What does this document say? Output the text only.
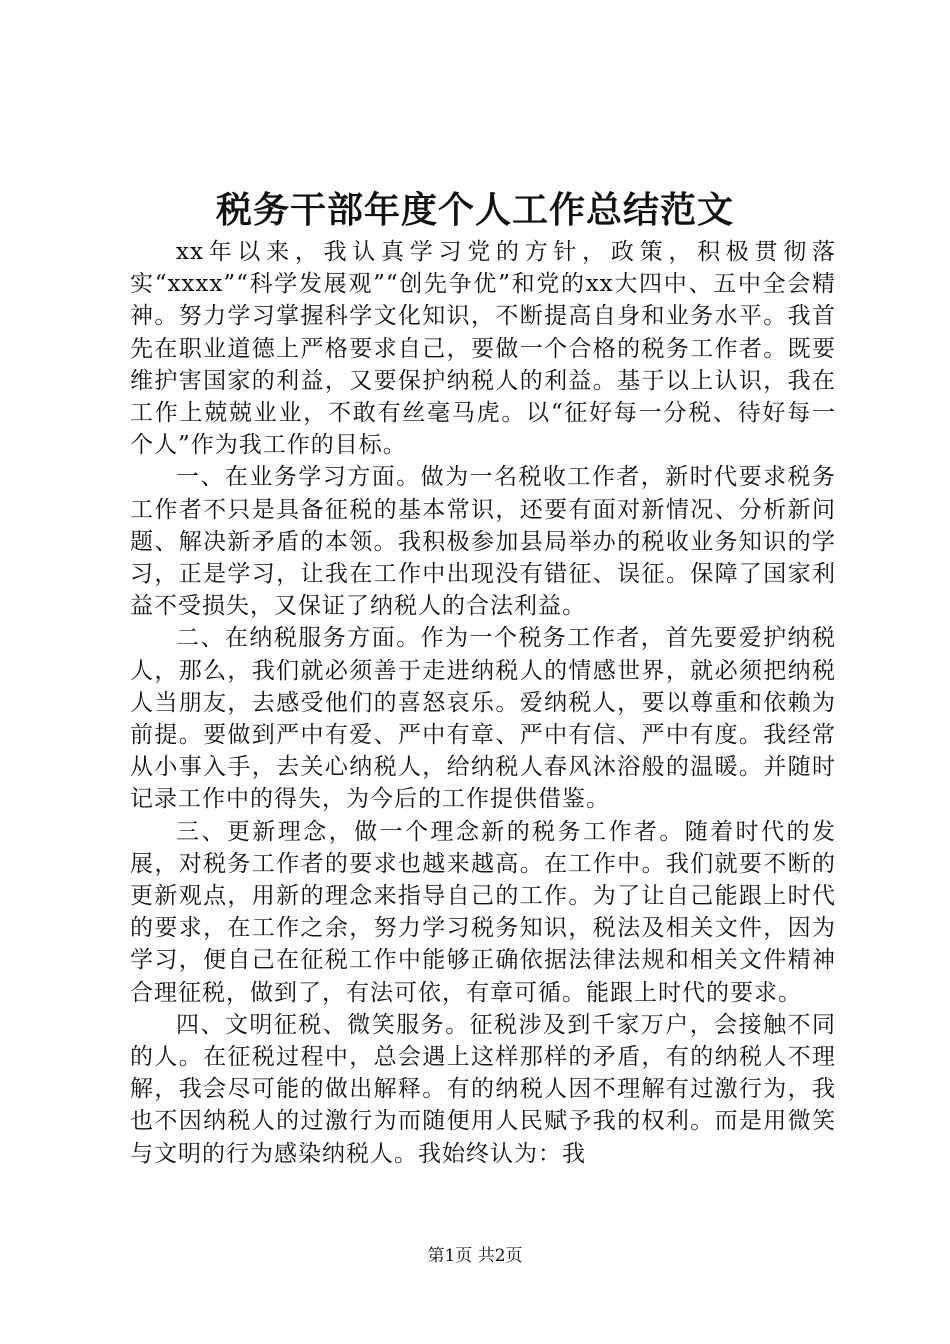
税务干部年度个人工作总结范文

xx年以来，我认真学习党的方针，政策，积极贯彻落实“xxxx”“科学发展观”“创先争优”和党的xx大四中、五中全会精神。努力学习掌握科学文化知识，不断提高自身和业务水平。我首先在职业道德上严格要求自己，要做一个合格的税务工作者。既要维护害国家的利益，又要保护纳税人的利益。基于以上认识，我在工作上兢兢业业，不敢有丝毫马虎。以“征好每一分税、待好每一个人”作为我工作的目标。

一、在业务学习方面。做为一名税收工作者，新时代要求税务工作者不只是具备征税的基本常识，还要有面对新情况、分析新问题、解决新矛盾的本领。我积极参加县局举办的税收业务知识的学习，正是学习，让我在工作中出现没有错征、误征。保障了国家利益不受损失，又保证了纳税人的合法利益。

二、在纳税服务方面。作为一个税务工作者，首先要爱护纳税人，那么，我们就必须善于走进纳税人的情感世界，就必须把纳税人当朋友，去感受他们的喜怒哀乐。爱纳税人，要以尊重和依赖为前提。要做到严中有爱、严中有章、严中有信、严中有度。我经常从小事入手，去关心纳税人，给纳税人春风沐浴般的温暖。并随时记录工作中的得失，为今后的工作提供借鉴。

三、更新理念，做一个理念新的税务工作者。随着时代的发展，对税务工作者的要求也越来越高。在工作中。我们就要不断的更新观点，用新的理念来指导自己的工作。为了让自己能跟上时代的要求，在工作之余，努力学习税务知识，税法及相关文件，因为学习，便自己在征税工作中能够正确依据法律法规和相关文件精神合理征税，做到了，有法可依，有章可循。能跟上时代的要求。

四、文明征税、微笑服务。征税涉及到千家万户，会接触不同的人。在征税过程中，总会遇上这样那样的矛盾，有的纳税人不理解，我会尽可能的做出解释。有的纳税人因不理解有过激行为，我也不因纳税人的过激行为而随便用人民赋予我的权利。而是用微笑与文明的行为感染纳税人。我始终认为：我

第1页 共2页
